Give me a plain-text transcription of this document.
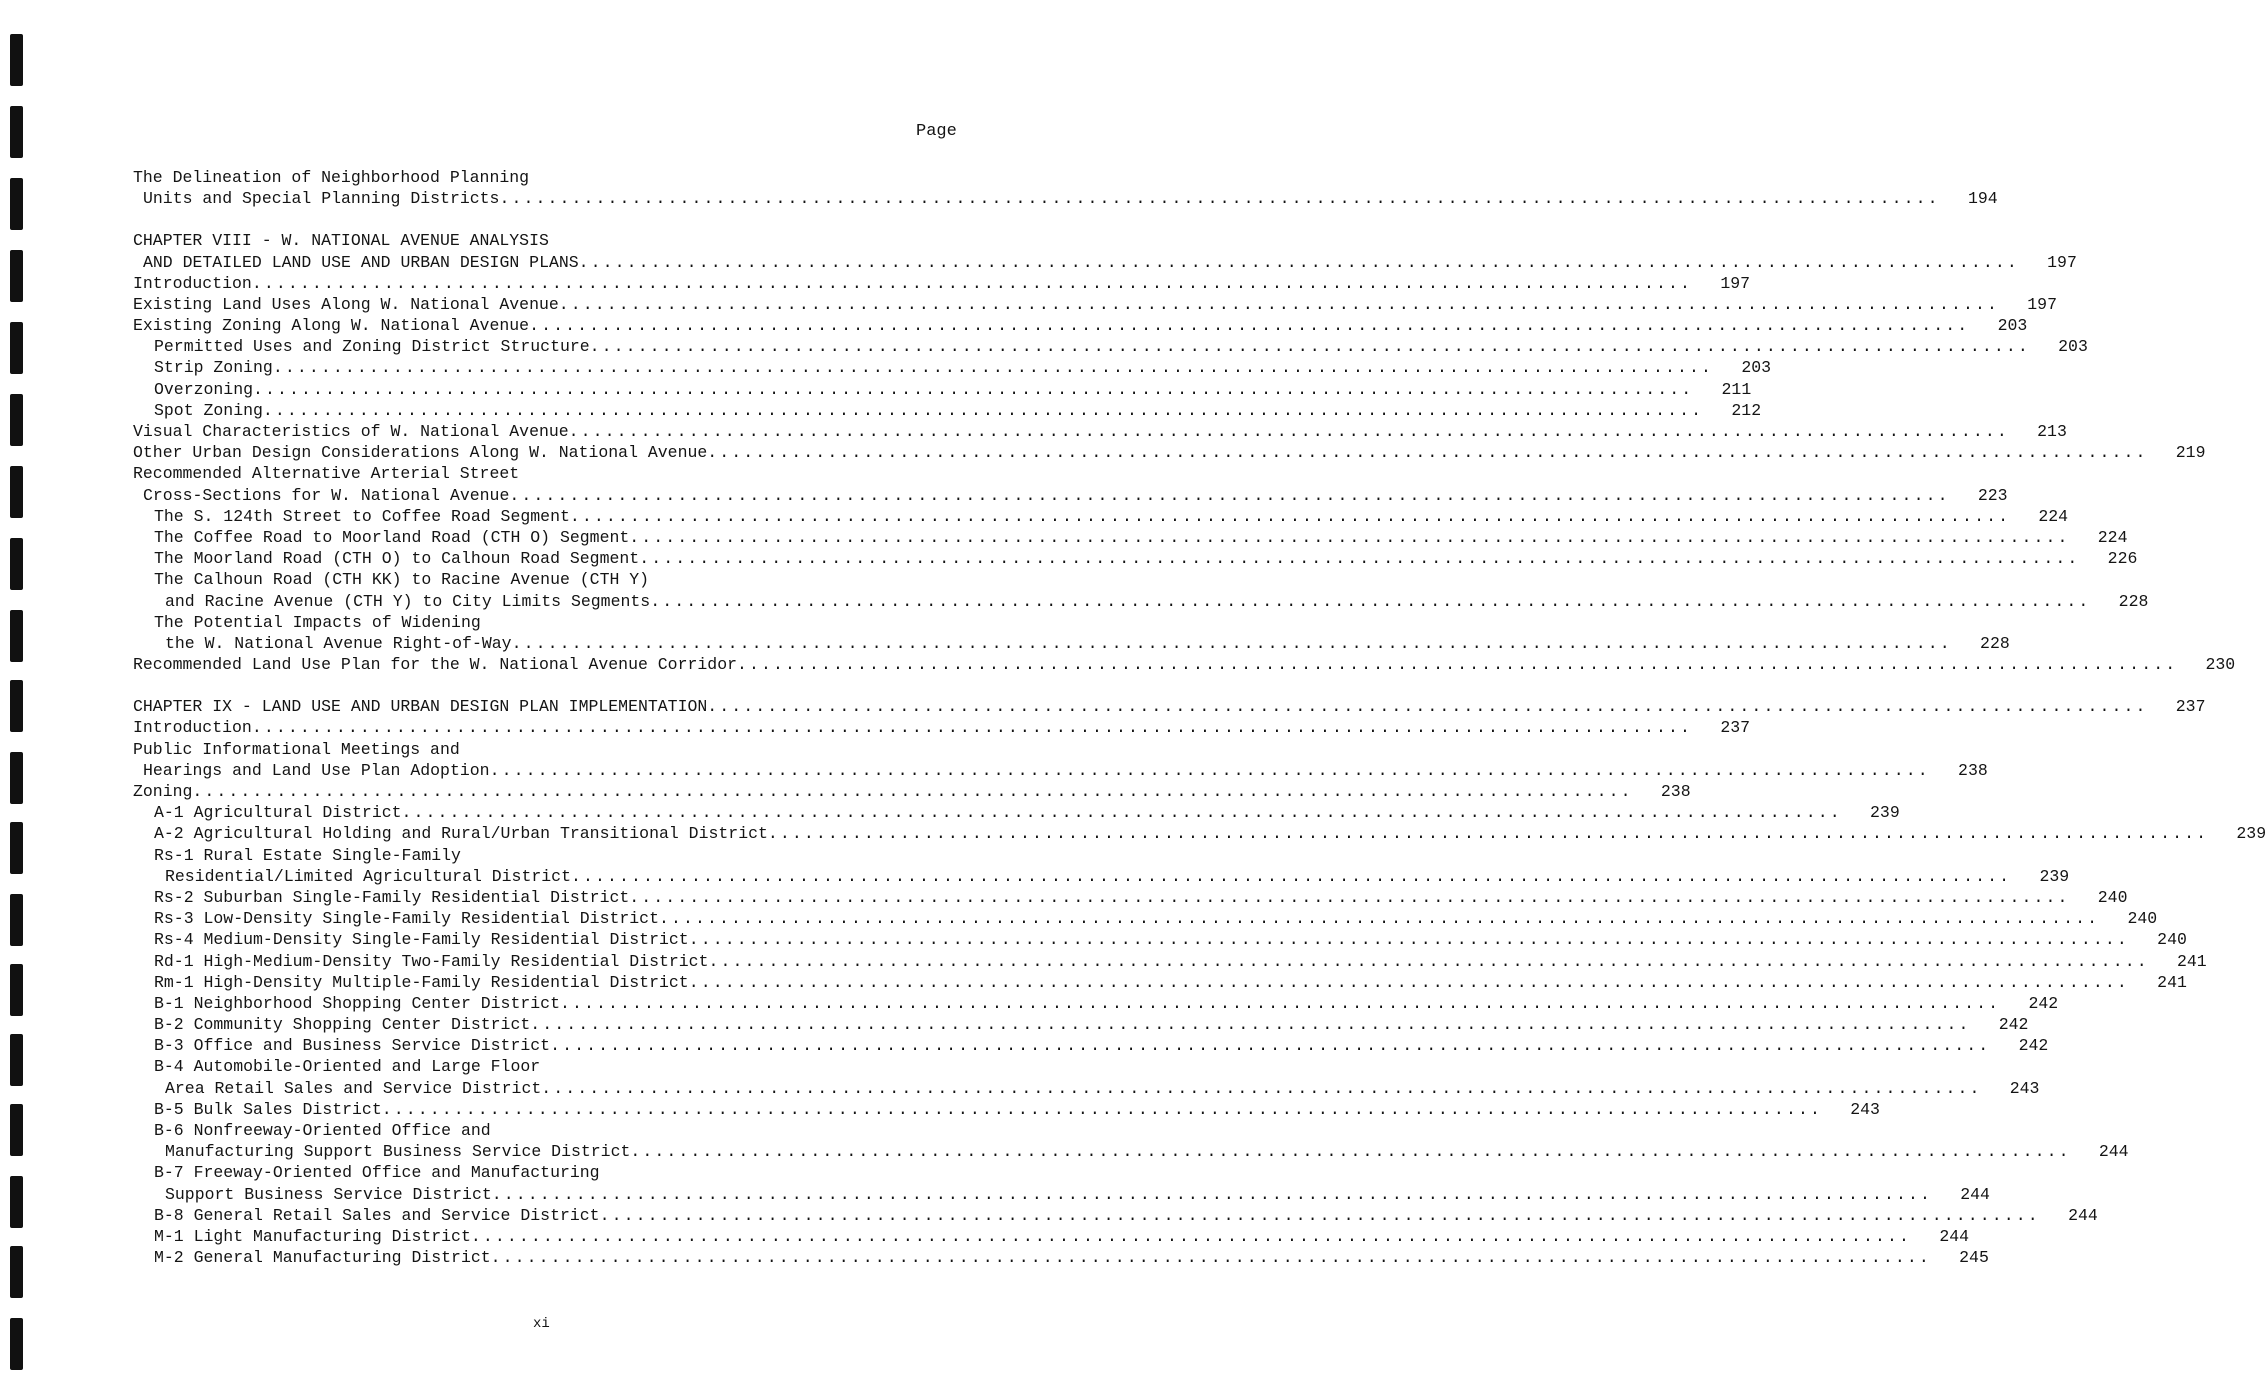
Page
The Delineation of Neighborhood Planning
Units and Special Planning Districts ........................................................................................................................	194
CHAPTER VIII - W. NATIONAL AVENUE ANALYSIS
AND DETAILED LAND USE AND URBAN DESIGN PLANS ........................................................................................................................	197
Introduction ........................................................................................................................	197
Existing Land Uses Along W. National Avenue ........................................................................................................................	197
Existing Zoning Along W. National Avenue ........................................................................................................................	203
Permitted Uses and Zoning District Structure ........................................................................................................................	203
Strip Zoning ........................................................................................................................	203
Overzoning ........................................................................................................................	211
Spot Zoning ........................................................................................................................	212
Visual Characteristics of W. National Avenue ........................................................................................................................	213
Other Urban Design Considerations Along W. National Avenue ........................................................................................................................	219
Recommended Alternative Arterial Street
Cross-Sections for W. National Avenue ........................................................................................................................	223
The S. 124th Street to Coffee Road Segment ........................................................................................................................	224
The Coffee Road to Moorland Road (CTH O) Segment ........................................................................................................................	224
The Moorland Road (CTH O) to Calhoun Road Segment ........................................................................................................................	226
The Calhoun Road (CTH KK) to Racine Avenue (CTH Y)
and Racine Avenue (CTH Y) to City Limits Segments ........................................................................................................................	228
The Potential Impacts of Widening
the W. National Avenue Right-of-Way ........................................................................................................................	228
Recommended Land Use Plan for the W. National Avenue Corridor ........................................................................................................................	230
CHAPTER IX - LAND USE AND URBAN DESIGN PLAN IMPLEMENTATION ........................................................................................................................	237
Introduction ........................................................................................................................	237
Public Informational Meetings and
Hearings and Land Use Plan Adoption ........................................................................................................................	238
Zoning ........................................................................................................................	238
A-1 Agricultural District ........................................................................................................................	239
A-2 Agricultural Holding and Rural/Urban Transitional District ........................................................................................................................	239
Rs-1 Rural Estate Single-Family
Residential/Limited Agricultural District ........................................................................................................................	239
Rs-2 Suburban Single-Family Residential District ........................................................................................................................	240
Rs-3 Low-Density Single-Family Residential District ........................................................................................................................	240
Rs-4 Medium-Density Single-Family Residential District ........................................................................................................................	240
Rd-1 High-Medium-Density Two-Family Residential District ........................................................................................................................	241
Rm-1 High-Density Multiple-Family Residential District ........................................................................................................................	241
B-1 Neighborhood Shopping Center District ........................................................................................................................	242
B-2 Community Shopping Center District ........................................................................................................................	242
B-3 Office and Business Service District ........................................................................................................................	242
B-4 Automobile-Oriented and Large Floor
Area Retail Sales and Service District ........................................................................................................................	243
B-5 Bulk Sales District ........................................................................................................................	243
B-6 Nonfreeway-Oriented Office and
Manufacturing Support Business Service District ........................................................................................................................	244
B-7 Freeway-Oriented Office and Manufacturing
Support Business Service District ........................................................................................................................	244
B-8 General Retail Sales and Service District ........................................................................................................................	244
M-1 Light Manufacturing District ........................................................................................................................	244
M-2 General Manufacturing District ........................................................................................................................	245
xi
